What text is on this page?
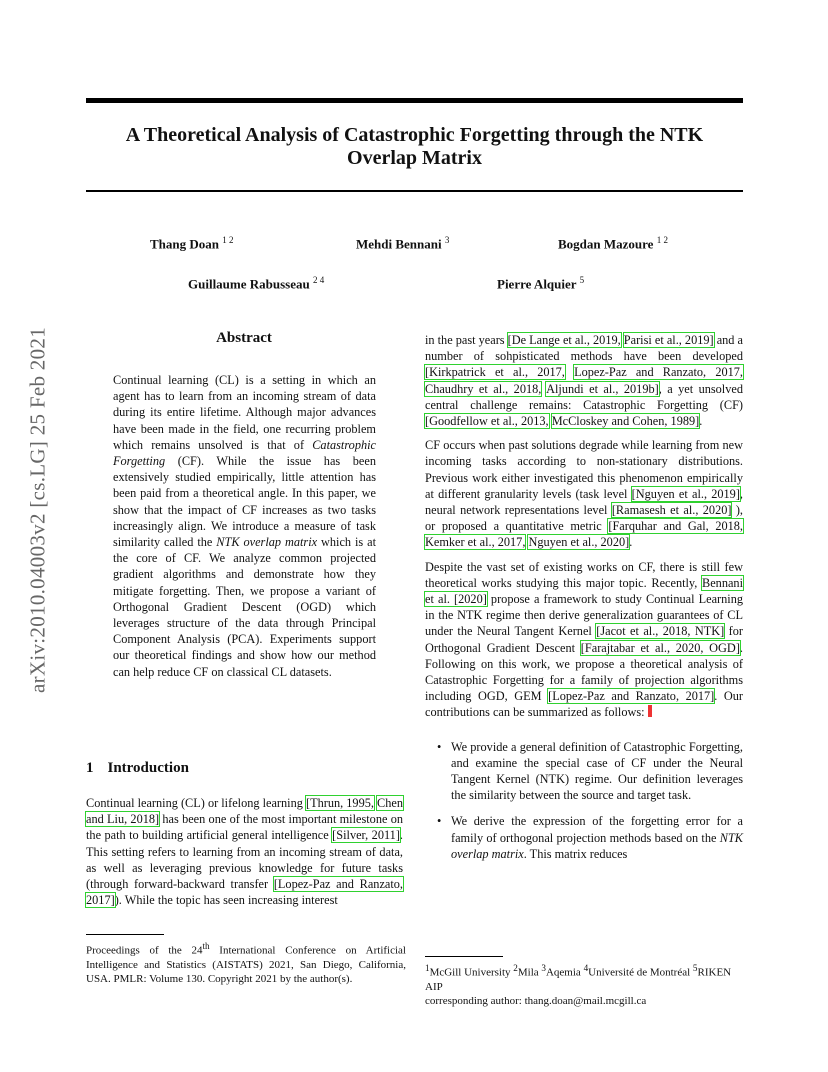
A Theoretical Analysis of Catastrophic Forgetting through the NTK
Overlap Matrix
Thang Doan $^{1 2}$	Mehdi Bennani $^3$	Bogdan Mazoure $^{1 2}$
Guillaume Rabusseau $^{2 4}$	Pierre Alquier $^5$
arXiv:2010.04003v2 [cs.LG] 25 Feb 2021	Abstract
Continual learning (CL) is a setting in which an agent has to learn from an incoming stream of data during its entire lifetime. Although major advances have been made in the field, one recurring problem which remains unsolved is that of Catastrophic Forgetting (CF). While the issue has been extensively studied empirically, little attention has been paid from a theoretical angle. In this paper, we show that the impact of CF increases as two tasks increasingly align. We introduce a measure of task similarity called the NTK overlap matrix which is at the core of CF. We analyze common projected gradient algorithms and demonstrate how they mitigate forgetting. Then, we propose a variant of Orthogonal Gradient Descent (OGD) which leverages structure of the data through Principal Component Analysis (PCA). Experiments support our theoretical findings and show how our method can help reduce CF on classical CL datasets.
1 Introduction
Continual learning (CL) or lifelong learning [Thrun, 1995, Chen and Liu, 2018] has been one of the most important milestone on the path to building artificial general intelligence [Silver, 2011]. This setting refers to learning from an incoming stream of data, as well as leveraging previous knowledge for future tasks (through forward-backward transfer [Lopez-Paz and Ranzato, 2017]). While the topic has seen increasing interest
Proceedings of the 24th International Conference on Artificial Intelligence and Statistics (AISTATS) 2021, San Diego, California, USA. PMLR: Volume 130. Copyright 2021 by the author(s).

in the past years [De Lange et al., 2019, Parisi et al., 2019] and a number of sohpisticated methods have been developed [Kirkpatrick et al., 2017, Lopez-Paz and Ranzato, 2017, Chaudhry et al., 2018, Aljundi et al., 2019b], a yet unsolved central challenge remains: Catastrophic Forgetting (CF) [Goodfellow et al., 2013, McCloskey and Cohen, 1989].

CF occurs when past solutions degrade while learning from new incoming tasks according to non-stationary distributions. Previous work either investigated this phenomenon empirically at different granularity levels (task level [Nguyen et al., 2019], neural network representations level [Ramasesh et al., 2020] ), or proposed a quantitative metric [Farquhar and Gal, 2018, Kemker et al., 2017, Nguyen et al., 2020].

Despite the vast set of existing works on CF, there is still few theoretical works studying this major topic. Recently, Bennani et al. [2020] propose a framework to study Continual Learning in the NTK regime then derive generalization guarantees of CL under the Neural Tangent Kernel [Jacot et al., 2018, NTK] for Orthogonal Gradient Descent [Farajtabar et al., 2020, OGD]. Following on this work, we propose a theoretical analysis of Catastrophic Forgetting for a family of projection algorithms including OGD, GEM [Lopez-Paz and Ranzato, 2017]. Our contributions can be summarized as follows:

• We provide a general definition of Catastrophic Forgetting, and examine the special case of CF under the Neural Tangent Kernel (NTK) regime. Our definition leverages the similarity between the source and target task.
• We derive the expression of the forgetting error for a family of orthogonal projection methods based on the NTK overlap matrix. This matrix reduces
$^1$McGill University $^2$Mila $^3$Aqemia $^4$Université de Montréal $^5$RIKEN AIP
corresponding author: thang.doan@mail.mcgill.ca
